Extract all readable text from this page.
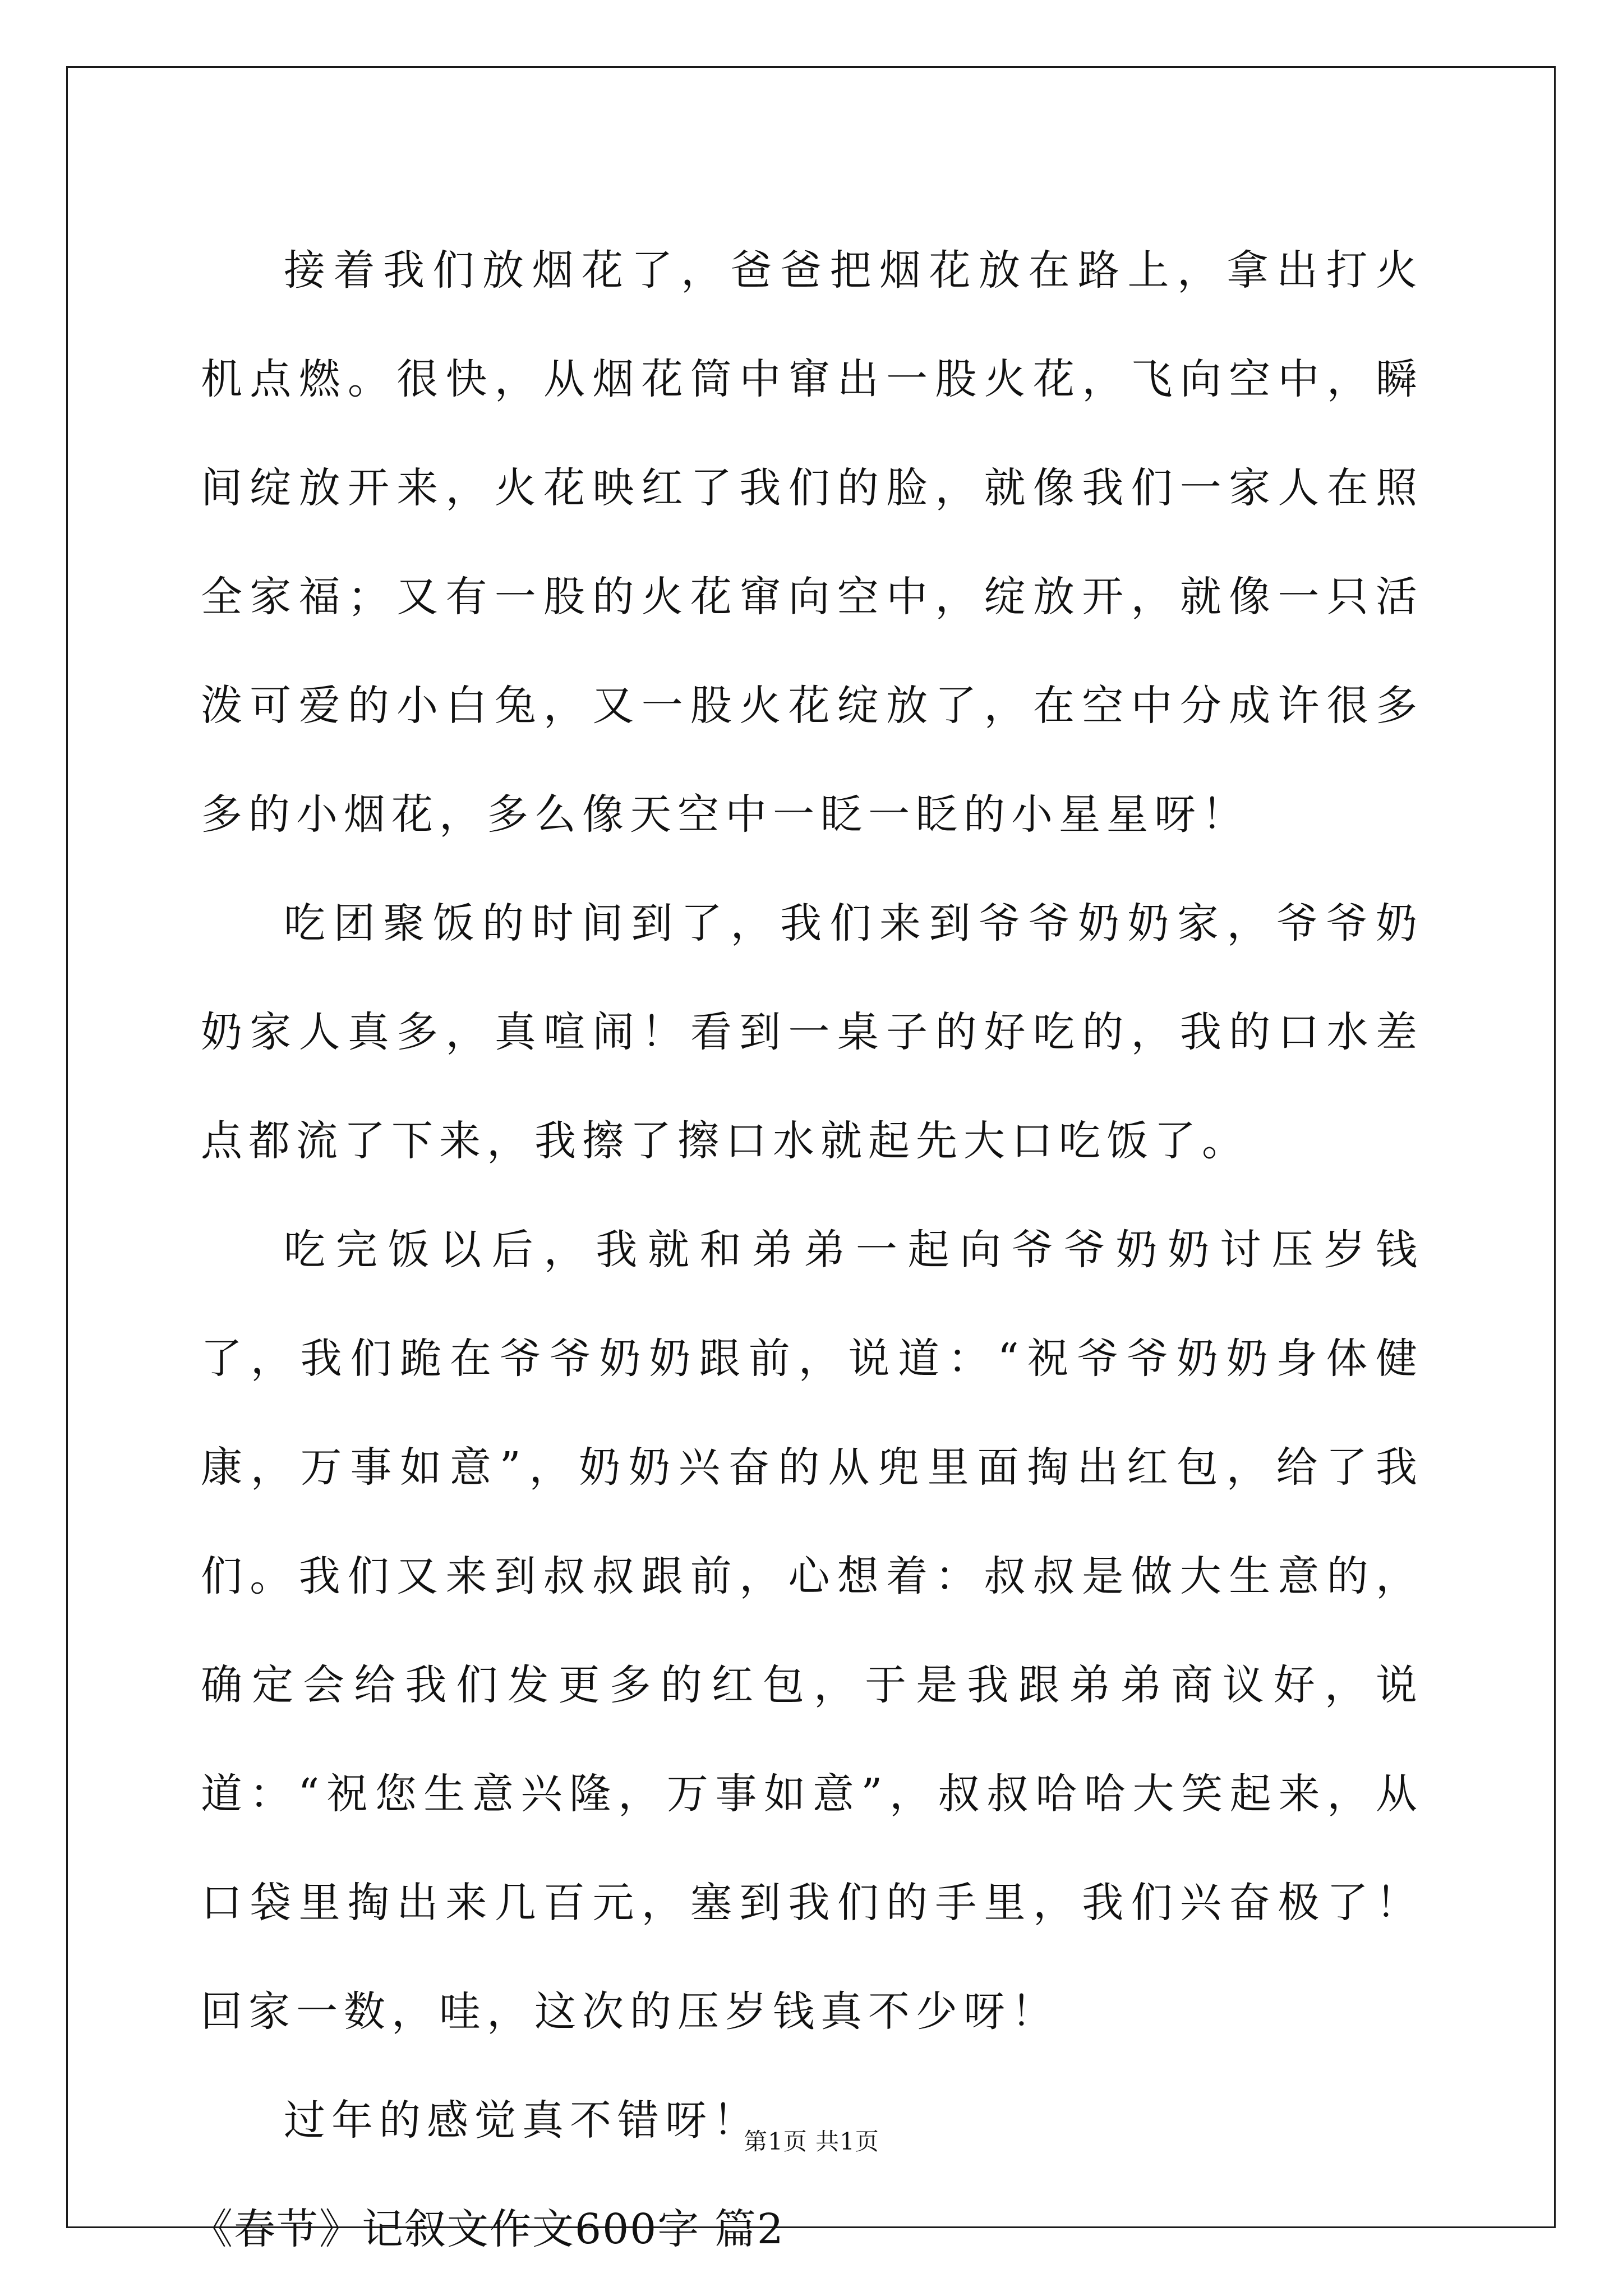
接着我们放烟花了，爸爸把烟花放在路上，拿出打火机点燃。很快，从烟花筒中窜出一股火花，飞向空中，瞬间绽放开来，火花映红了我们的脸，就像我们一家人在照全家福；又有一股的火花窜向空中，绽放开，就像一只活泼可爱的小白兔，又一股火花绽放了，在空中分成许很多多的小烟花，多么像天空中一眨一眨的小星星呀！

吃团聚饭的时间到了，我们来到爷爷奶奶家，爷爷奶奶家人真多，真喧闹！看到一桌子的好吃的，我的口水差点都流了下来，我擦了擦口水就起先大口吃饭了。

吃完饭以后，我就和弟弟一起向爷爷奶奶讨压岁钱了，我们跪在爷爷奶奶跟前，说道：“祝爷爷奶奶身体健康，万事如意”，奶奶兴奋的从兜里面掏出红包，给了我们。我们又来到叔叔跟前，心想着：叔叔是做大生意的，确定会给我们发更多的红包，于是我跟弟弟商议好，说道：“祝您生意兴隆，万事如意”，叔叔哈哈大笑起来，从口袋里掏出来几百元，塞到我们的手里，我们兴奋极了！回家一数，哇，这次的压岁钱真不少呀！

过年的感觉真不错呀！

《春节》记叙文作文600字 篇2

第1页 共1页
